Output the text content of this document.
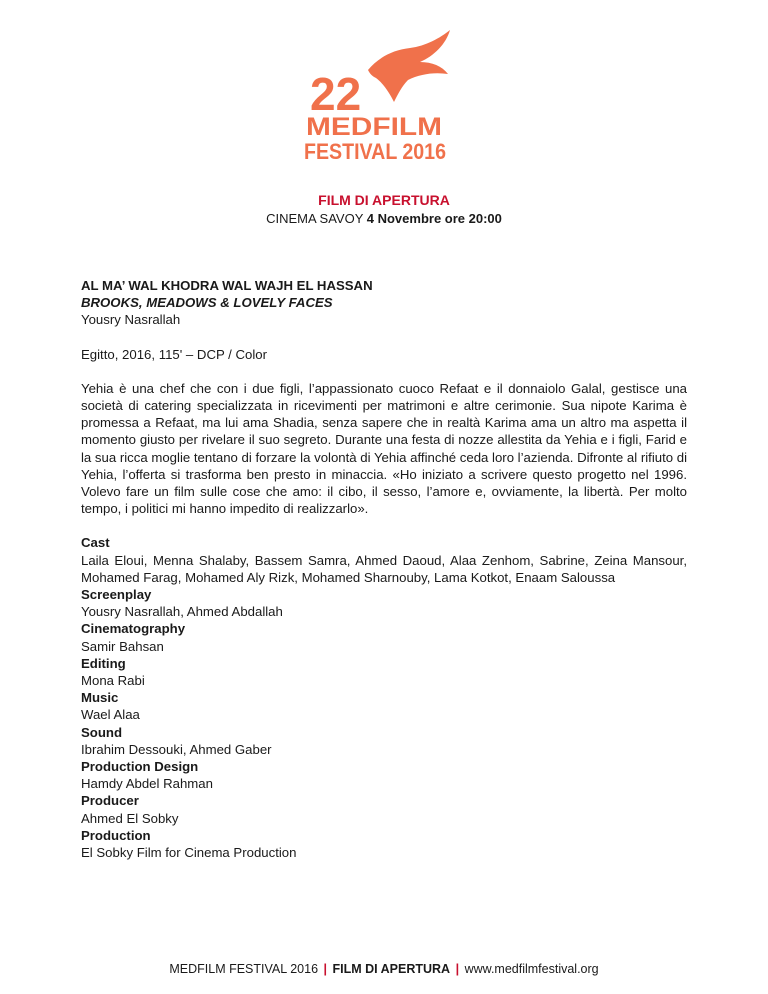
22
MEDFILM
FESTIVAL 2016
FILM DI APERTURA
CINEMA SAVOY 4 Novembre ore 20:00
AL MA’ WAL KHODRA WAL WAJH EL HASSAN
BROOKS, MEADOWS & LOVELY FACES
Yousry Nasrallah
Egitto, 2016, 115' – DCP / Color
Yehia è una chef che con i due figli, l’appassionato cuoco Refaat e il donnaiolo Galal, gestisce una società di catering specializzata in ricevimenti per matrimoni e altre cerimonie. Sua nipote Karima è promessa a Refaat, ma lui ama Shadia, senza sapere che in realtà Karima ama un altro ma aspetta il momento giusto per rivelare il suo segreto. Durante una festa di nozze allestita da Yehia e i figli, Farid e la sua ricca moglie tentano di forzare la volontà di Yehia affinché ceda loro l’azienda. Difronte al rifiuto di Yehia, l’offerta si trasforma ben presto in minaccia. «Ho iniziato a scrivere questo progetto nel 1996. Volevo fare un film sulle cose che amo: il cibo, il sesso, l’amore e, ovviamente, la libertà. Per molto tempo, i politici mi hanno impedito di realizzarlo».
Cast
Laila Eloui, Menna Shalaby, Bassem Samra, Ahmed Daoud, Alaa Zenhom, Sabrine, Zeina Mansour, Mohamed Farag, Mohamed Aly Rizk, Mohamed Sharnouby, Lama Kotkot, Enaam Saloussa
Screenplay
Yousry Nasrallah, Ahmed Abdallah
Cinematography
Samir Bahsan
Editing
Mona Rabi
Music
Wael Alaa
Sound
Ibrahim Dessouki, Ahmed Gaber
Production Design
Hamdy Abdel Rahman
Producer
Ahmed El Sobky
Production
El Sobky Film for Cinema Production
MEDFILM FESTIVAL 2016 | FILM DI APERTURA | www.medfilmfestival.org
